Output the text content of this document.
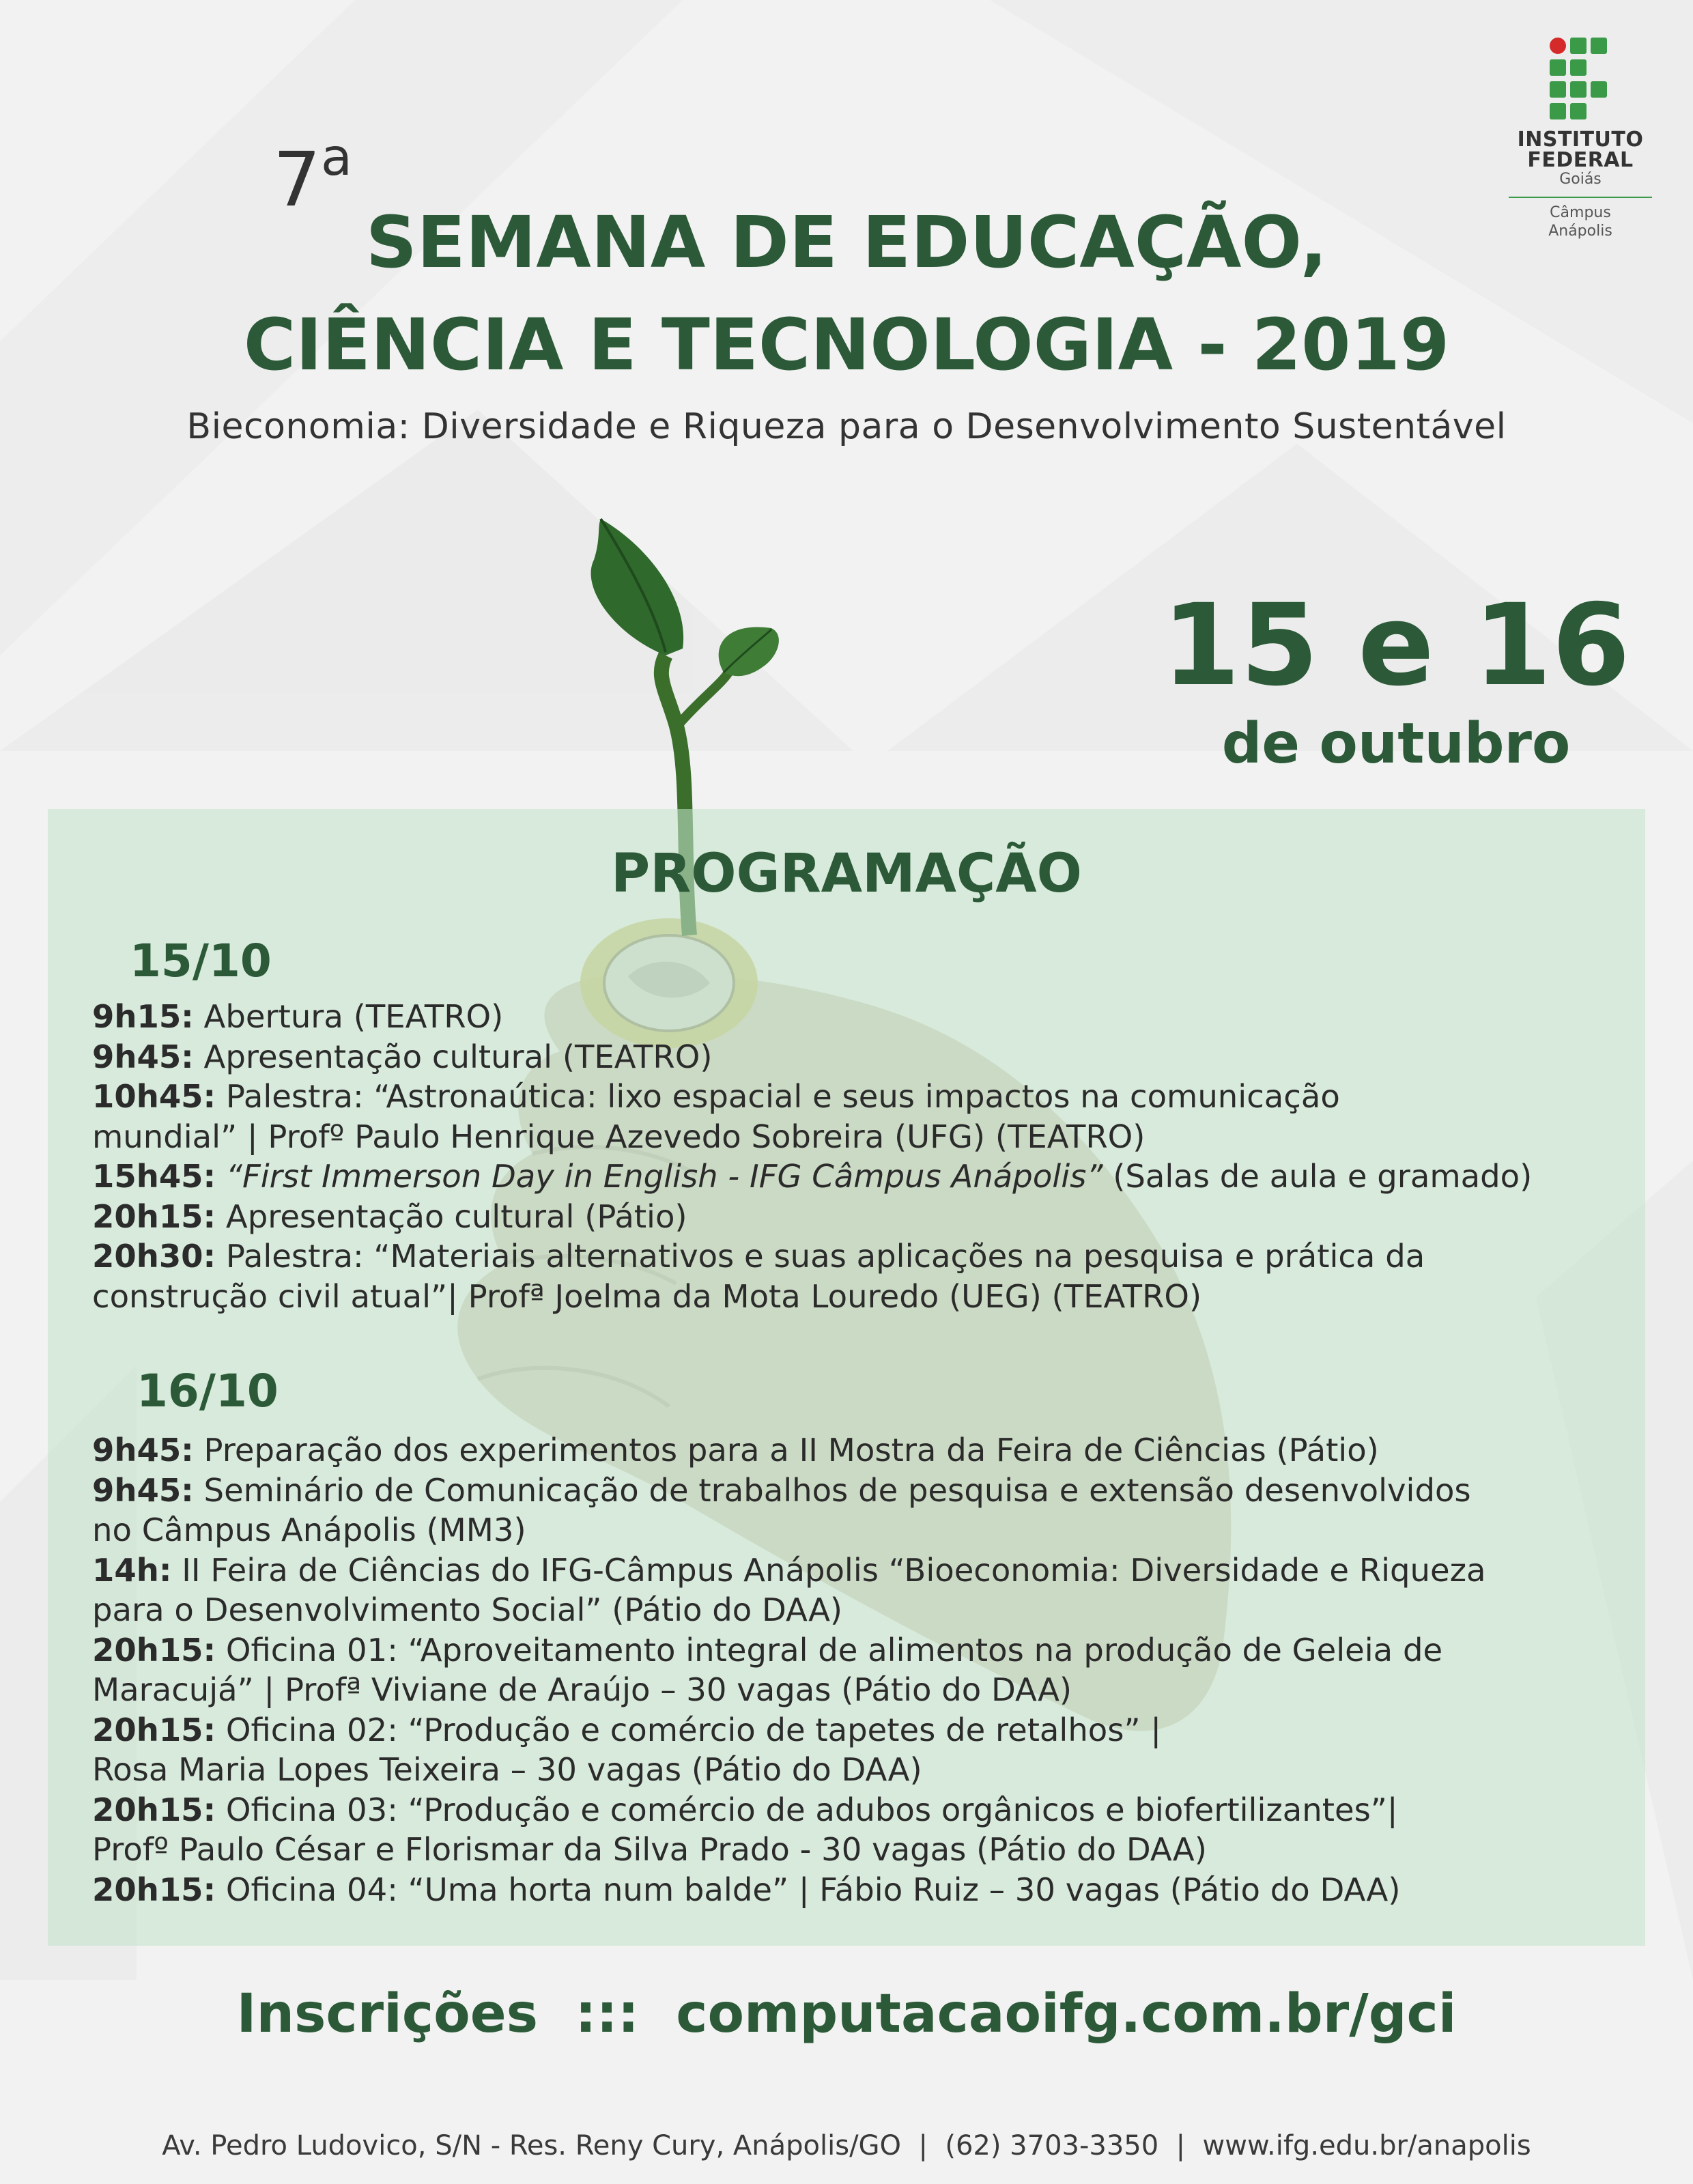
INSTITUTO
FEDERAL
Goiás
Câmpus
Anápolis
7$^a$
SEMANA DE EDUCAÇÃO,
CIÊNCIA E TECNOLOGIA - 2019
Bieconomia: Diversidade e Riqueza para o Desenvolvimento Sustentável
15 e 16
de outubro
PROGRAMAÇÃO
15/10
9h15: Abertura (TEATRO)
9h45: Apresentação cultural (TEATRO)
10h45: Palestra: “Astronaútica: lixo espacial e seus impactos na comunicação
mundial” | Profº Paulo Henrique Azevedo Sobreira (UFG) (TEATRO)
15h45: “First Immerson Day in English - IFG Câmpus Anápolis” (Salas de aula e gramado)
20h15: Apresentação cultural (Pátio)
20h30: Palestra: “Materiais alternativos e suas aplicações na pesquisa e prática da
construção civil atual”| Profª Joelma da Mota Louredo (UEG) (TEATRO)
16/10
9h45: Preparação dos experimentos para a II Mostra da Feira de Ciências (Pátio)
9h45: Seminário de Comunicação de trabalhos de pesquisa e extensão desenvolvidos
no Câmpus Anápolis (MM3)
14h: II Feira de Ciências do IFG-Câmpus Anápolis “Bioeconomia: Diversidade e Riqueza
para o Desenvolvimento Social” (Pátio do DAA)
20h15: Oficina 01: “Aproveitamento integral de alimentos na produção de Geleia de
Maracujá” | Profª Viviane de Araújo – 30 vagas (Pátio do DAA)
20h15: Oficina 02: “Produção e comércio de tapetes de retalhos” |
Rosa Maria Lopes Teixeira – 30 vagas (Pátio do DAA)
20h15: Oficina 03: “Produção e comércio de adubos orgânicos e biofertilizantes”|
Profº Paulo César e Florismar da Silva Prado - 30 vagas (Pátio do DAA)
20h15: Oficina 04: “Uma horta num balde” | Fábio Ruiz – 30 vagas (Pátio do DAA)
Inscrições  :::  computacaoifg.com.br/gci
Av. Pedro Ludovico, S/N - Res. Reny Cury, Anápolis/GO  |  (62) 3703-3350  |  www.ifg.edu.br/anapolis
